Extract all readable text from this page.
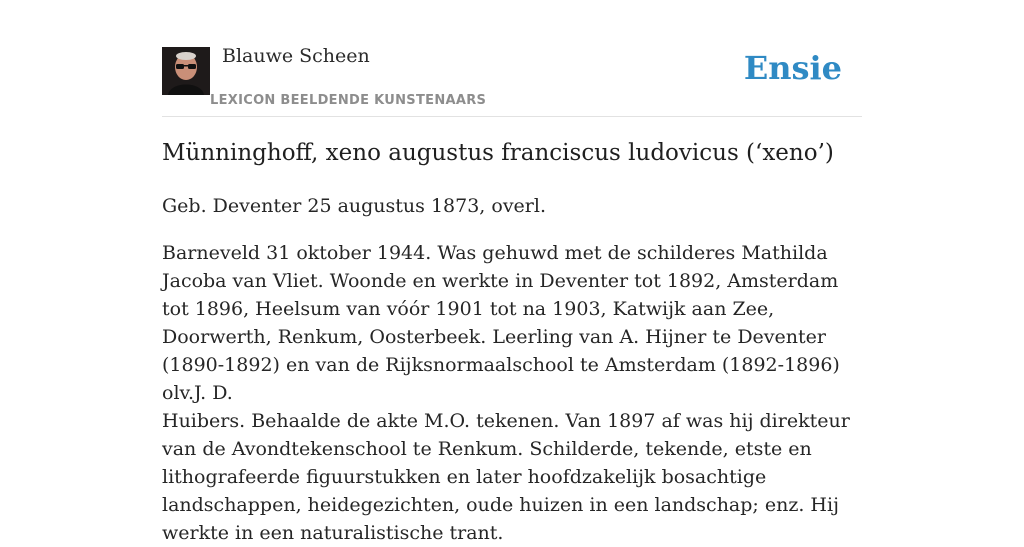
Blauwe Scheen
LEXICON BEELDENDE KUNSTENAARS
Ensie
Münninghoff, xeno augustus franciscus ludovicus (‘xeno’)

Geb. Deventer 25 augustus 1873, overl.

Barneveld 31 oktober 1944. Was gehuwd met de schilderes Mathilda Jacoba van Vliet. Woonde en werkte in Deventer tot 1892, Amsterdam tot 1896, Heelsum van vóór 1901 tot na 1903, Katwijk aan Zee, Doorwerth, Renkum, Oosterbeek. Leerling van A. Hijner te Deventer (1890-1892) en van de Rijksnormaalschool te Amsterdam (1892-1896) olv.J. D.

Huibers. Behaalde de akte M.O. tekenen. Van 1897 af was hij direkteur van de Avondtekenschool te Renkum. Schilderde, tekende, etste en lithografeerde figuurstukken en later hoofdzakelijk bosachtige landschappen, heidegezichten, oude huizen in een landschap; enz. Hij werkte in een naturalistische trant.
